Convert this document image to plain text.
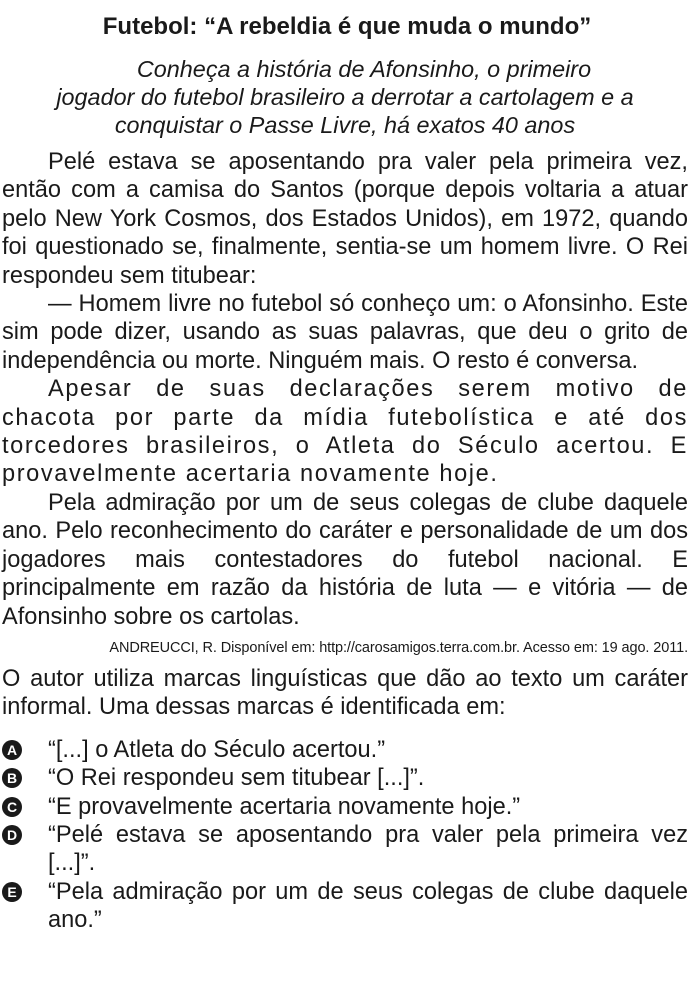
Futebol: “A rebeldia é que muda o mundo”
Conheça a história de Afonsinho, o primeiro
jogador do futebol brasileiro a derrotar a cartolagem e a
conquistar o Passe Livre, há exatos 40 anos

Pelé estava se aposentando pra valer pela primeira vez, então com a camisa do Santos (porque depois voltaria a atuar pelo New York Cosmos, dos Estados Unidos), em 1972, quando foi questionado se, finalmente, sentia-se um homem livre. O Rei respondeu sem titubear:

— Homem livre no futebol só conheço um: o Afonsinho. Este sim pode dizer, usando as suas palavras, que deu o grito de independência ou morte. Ninguém mais. O resto é conversa.

Apesar de suas declarações serem motivo de chacota por parte da mídia futebolística e até dos torcedores brasileiros, o Atleta do Século acertou. E provavelmente acertaria novamente hoje.

Pela admiração por um de seus colegas de clube daquele ano. Pelo reconhecimento do caráter e personalidade de um dos jogadores mais contestadores do futebol nacional. E principalmente em razão da história de luta — e vitória — de Afonsinho sobre os cartolas.

ANDREUCCI, R. Disponível em: http://carosamigos.terra.com.br. Acesso em: 19 ago. 2011.
O autor utiliza marcas linguísticas que dão ao texto um caráter informal. Uma dessas marcas é identificada em:
A “[...] o Atleta do Século acertou.”
B “O Rei respondeu sem titubear [...]”.
C “E provavelmente acertaria novamente hoje.”
D “Pelé estava se aposentando pra valer pela primeira vez [...]”.
E “Pela admiração por um de seus colegas de clube daquele ano.”
